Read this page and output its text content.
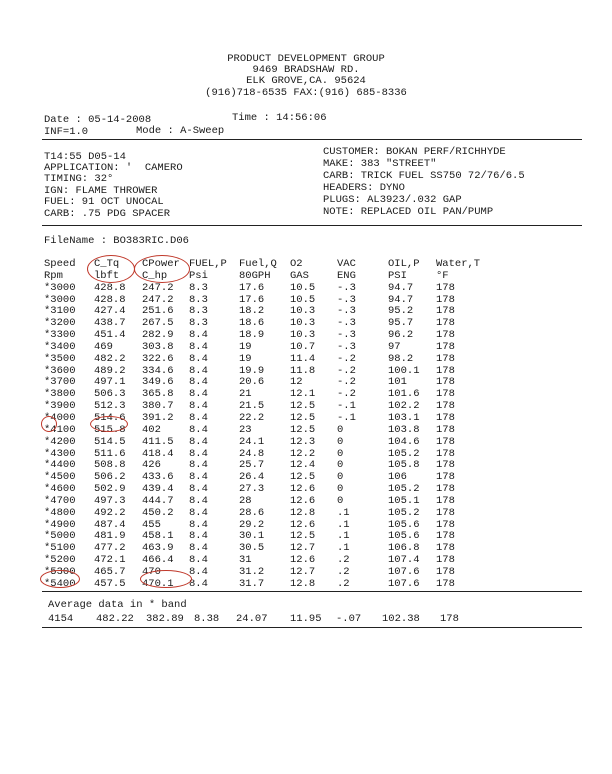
PRODUCT DEVELOPMENT GROUP
9469 BRADSHAW RD.
ELK GROVE,CA. 95624
(916)718-6535 FAX:(916) 685-8336
Date : 05-14-2008	Time : 14:56:06
INF=1.0	Mode : A-Sweep
T14:55 D05-14
APPLICATION: '  CAMERO
TIMING: 32°
IGN: FLAME THROWER
FUEL: 91 OCT UNOCAL
CARB: .75 PDG SPACER
CUSTOMER: BOKAN PERF/RICHHYDE
MAKE: 383 "STREET"
CARB: TRICK FUEL SS750 72/76/6.5
HEADERS: DYNO
PLUGS: AL3923/.032 GAP
NOTE: REPLACED OIL PAN/PUMP
FileName : BO383RIC.D06
Speed	C_Tq	CPower	FUEL,P	Fuel,Q	O2	VAC	OIL,P	Water,T
Rpm	lbft	C_hp	Psi	80GPH	GAS	ENG	PSI	°F
*3000	428.8	247.2	8.3	17.6	10.5	-.3	94.7	178
*3000	428.8	247.2	8.3	17.6	10.5	-.3	94.7	178
*3100	427.4	251.6	8.3	18.2	10.3	-.3	95.2	178
*3200	438.7	267.5	8.3	18.6	10.3	-.3	95.7	178
*3300	451.4	282.9	8.4	18.9	10.3	-.3	96.2	178
*3400	469	303.8	8.4	19	10.7	-.3	97	178
*3500	482.2	322.6	8.4	19	11.4	-.2	98.2	178
*3600	489.2	334.6	8.4	19.9	11.8	-.2	100.1	178
*3700	497.1	349.6	8.4	20.6	12	-.2	101	178
*3800	506.3	365.8	8.4	21	12.1	-.2	101.6	178
*3900	512.3	380.7	8.4	21.5	12.5	-.1	102.2	178
*4000	514.6	391.2	8.4	22.2	12.5	-.1	103.1	178
*4100	515.8	402	8.4	23	12.5	0	103.8	178
*4200	514.5	411.5	8.4	24.1	12.3	0	104.6	178
*4300	511.6	418.4	8.4	24.8	12.2	0	105.2	178
*4400	508.8	426	8.4	25.7	12.4	0	105.8	178
*4500	506.2	433.6	8.4	26.4	12.5	0	106	178
*4600	502.9	439.4	8.4	27.3	12.6	0	105.2	178
*4700	497.3	444.7	8.4	28	12.6	0	105.1	178
*4800	492.2	450.2	8.4	28.6	12.8	.1	105.2	178
*4900	487.4	455	8.4	29.2	12.6	.1	105.6	178
*5000	481.9	458.1	8.4	30.1	12.5	.1	105.6	178
*5100	477.2	463.9	8.4	30.5	12.7	.1	106.8	178
*5200	472.1	466.4	8.4	31	12.6	.2	107.4	178
*5300	465.7	470	8.4	31.2	12.7	.2	107.6	178
*5400	457.5	470.1	8.4	31.7	12.8	.2	107.6	178
Average data in * band
4154	482.22	382.89	8.38	24.07	11.95	-.07	102.38	178
